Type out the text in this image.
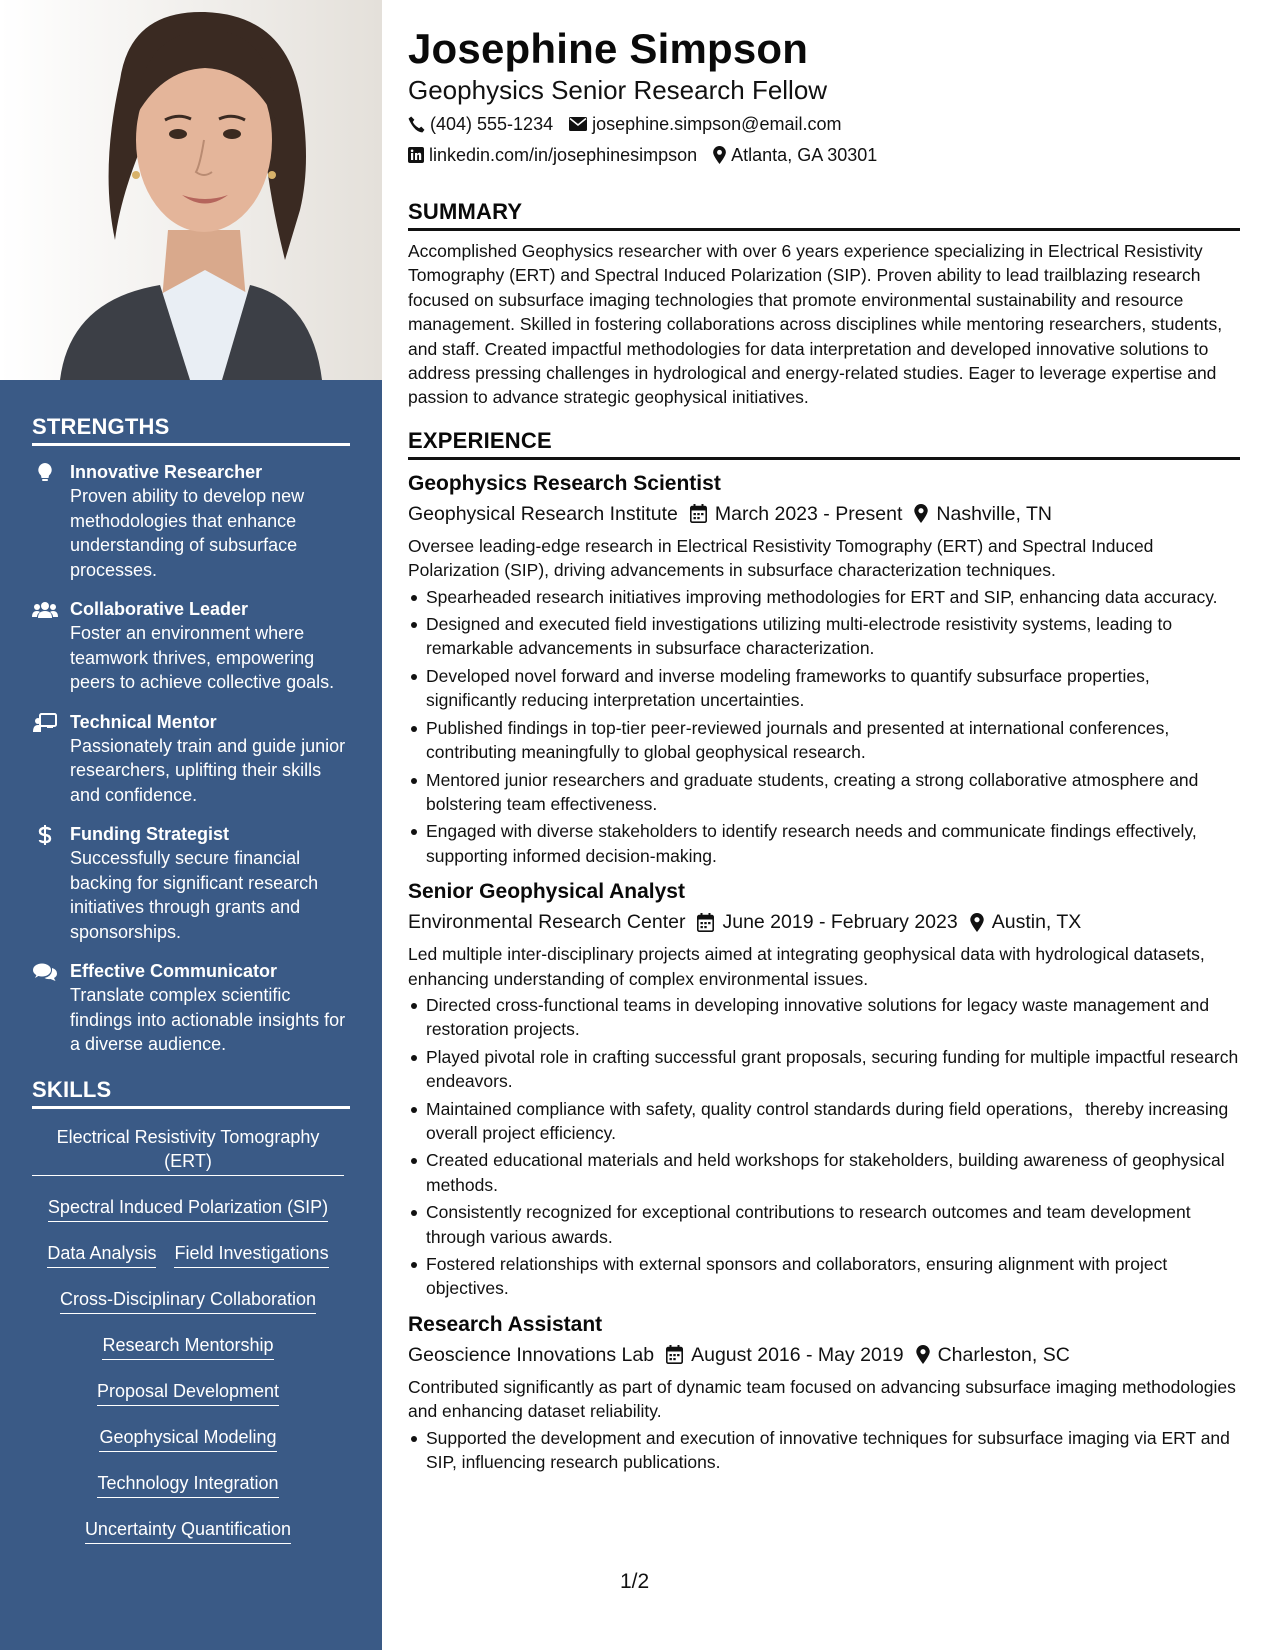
STRENGTHS
Innovative Researcher
Proven ability to develop new methodologies that enhance understanding of subsurface processes.
Collaborative Leader
Foster an environment where teamwork thrives, empowering peers to achieve collective goals.
Technical Mentor
Passionately train and guide junior researchers, uplifting their skills and confidence.
Funding Strategist
Successfully secure financial backing for significant research initiatives through grants and sponsorships.
Effective Communicator
Translate complex scientific findings into actionable insights for a diverse audience.
SKILLS
Electrical Resistivity Tomography (ERT)
Spectral Induced Polarization (SIP)
Data Analysis Field Investigations
Cross-Disciplinary Collaboration
Research Mentorship
Proposal Development
Geophysical Modeling
Technology Integration
Uncertainty Quantification
Josephine Simpson
Geophysics Senior Research Fellow
(404) 555-1234 josephine.simpson@email.com
linkedin.com/in/josephinesimpson Atlanta, GA 30301
SUMMARY
Accomplished Geophysics researcher with over 6 years experience specializing in Electrical Resistivity Tomography (ERT) and Spectral Induced Polarization (SIP). Proven ability to lead trailblazing research focused on subsurface imaging technologies that promote environmental sustainability and resource management. Skilled in fostering collaborations across disciplines while mentoring researchers, students, and staff. Created impactful methodologies for data interpretation and developed innovative solutions to address pressing challenges in hydrological and energy-related studies. Eager to leverage expertise and passion to advance strategic geophysical initiatives.
EXPERIENCE
Geophysics Research Scientist
Geophysical Research Institute March 2023 - Present Nashville, TN
Oversee leading-edge research in Electrical Resistivity Tomography (ERT) and Spectral Induced Polarization (SIP), driving advancements in subsurface characterization techniques.
Spearheaded research initiatives improving methodologies for ERT and SIP, enhancing data accuracy.
Designed and executed field investigations utilizing multi-electrode resistivity systems, leading to remarkable advancements in subsurface characterization.
Developed novel forward and inverse modeling frameworks to quantify subsurface properties, significantly reducing interpretation uncertainties.
Published findings in top-tier peer-reviewed journals and presented at international conferences, contributing meaningfully to global geophysical research.
Mentored junior researchers and graduate students, creating a strong collaborative atmosphere and bolstering team effectiveness.
Engaged with diverse stakeholders to identify research needs and communicate findings effectively, supporting informed decision-making.
Senior Geophysical Analyst
Environmental Research Center June 2019 - February 2023 Austin, TX
Led multiple inter-disciplinary projects aimed at integrating geophysical data with hydrological datasets, enhancing understanding of complex environmental issues.
Directed cross-functional teams in developing innovative solutions for legacy waste management and restoration projects.
Played pivotal role in crafting successful grant proposals, securing funding for multiple impactful research endeavors.
Maintained compliance with safety, quality control standards during field operations，thereby increasing overall project efficiency.
Created educational materials and held workshops for stakeholders, building awareness of geophysical methods.
Consistently recognized for exceptional contributions to research outcomes and team development through various awards.
Fostered relationships with external sponsors and collaborators, ensuring alignment with project objectives.
Research Assistant
Geoscience Innovations Lab August 2016 - May 2019 Charleston, SC
Contributed significantly as part of dynamic team focused on advancing subsurface imaging methodologies and enhancing dataset reliability.
Supported the development and execution of innovative techniques for subsurface imaging via ERT and SIP, influencing research publications.
1/2
